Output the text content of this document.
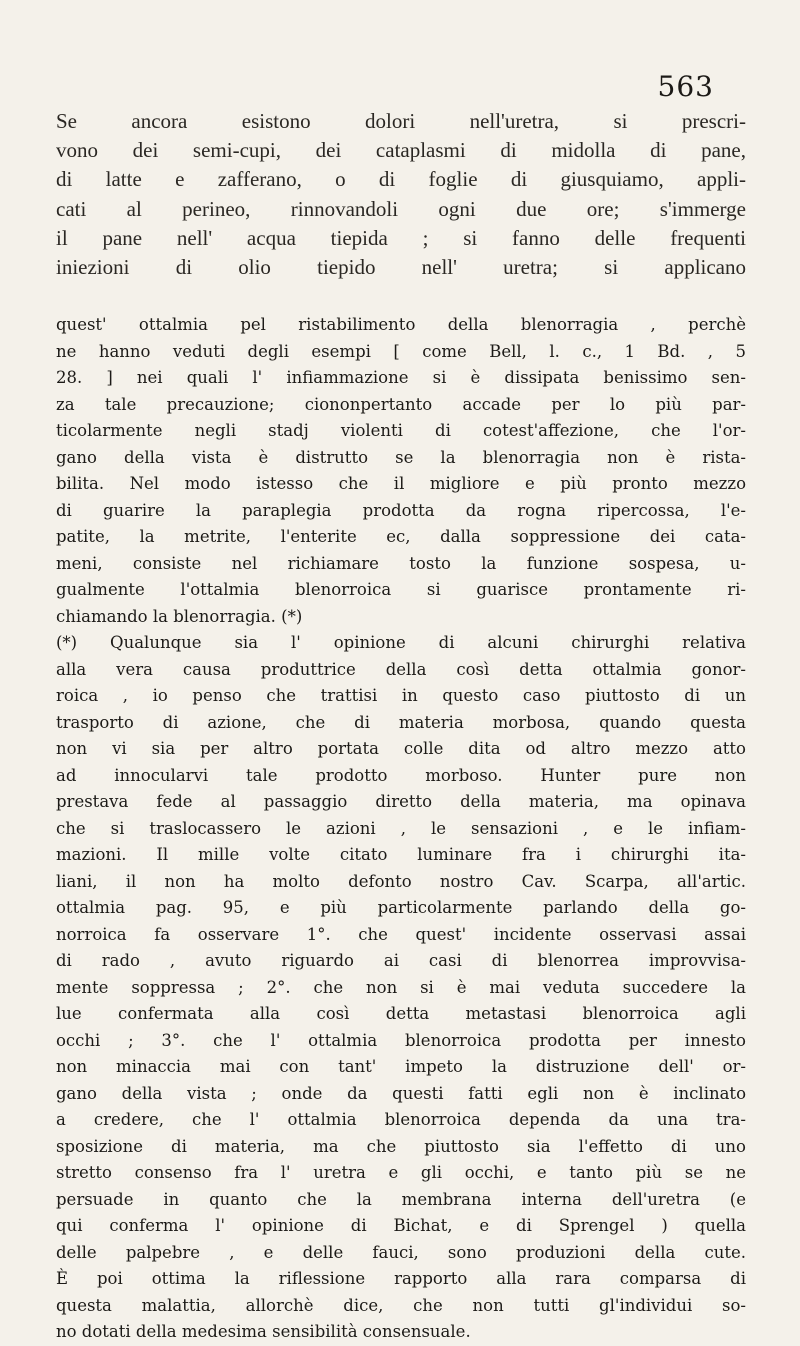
563
Se ancora esistono dolori nell'uretra, si prescri-
vono dei semi-cupi, dei cataplasmi di midolla di pane,
di latte e zafferano, o di foglie di giusquiamo, appli-
cati al perineo, rinnovandoli ogni due ore; s'immerge
il pane nell' acqua tiepida ; si fanno delle frequenti
iniezioni di olio tiepido nell' uretra; si applicano
quest' ottalmia pel ristabilimento della blenorragia , perchè
ne hanno veduti degli esempi [ come Bell, l. c., 1 Bd. , 5
28. ] nei quali l' infiammazione si è dissipata benissimo sen-
za tale precauzione; ciononpertanto accade per lo più par-
ticolarmente negli stadj violenti di cotest'affezione, che l'or-
gano della vista è distrutto se la blenorragia non è rista-
bilita. Nel modo istesso che il migliore e più pronto mezzo
di guarire la paraplegia prodotta da rogna ripercossa, l'e-
patite, la metrite, l'enterite ec, dalla soppressione dei cata-
meni, consiste nel richiamare tosto la funzione sospesa, u-
gualmente l'ottalmia blenorroica si guarisce prontamente ri-
chiamando la blenorragia. (*)
(*) Qualunque sia l' opinione di alcuni chirurghi relativa
alla vera causa produttrice della così detta ottalmia gonor-
roica , io penso che trattisi in questo caso piuttosto di un
trasporto di azione, che di materia morbosa, quando questa
non vi sia per altro portata colle dita od altro mezzo atto
ad innocularvi tale prodotto morboso. Hunter pure non
prestava fede al passaggio diretto della materia, ma opinava
che si traslocassero le azioni , le sensazioni , e le infiam-
mazioni. Il mille volte citato luminare fra i chirurghi ita-
liani, il non ha molto defonto nostro Cav. Scarpa, all'artic.
ottalmia pag. 95, e più particolarmente parlando della go-
norroica fa osservare 1°. che quest' incidente osservasi assai
di rado , avuto riguardo ai casi di blenorrea improvvisa-
mente soppressa ; 2°. che non si è mai veduta succedere la
lue confermata alla così detta metastasi blenorroica agli
occhi ; 3°. che l' ottalmia blenorroica prodotta per innesto
non minaccia mai con tant' impeto la distruzione dell' or-
gano della vista ; onde da questi fatti egli non è inclinato
a credere, che l' ottalmia blenorroica dependa da una tra-
sposizione di materia, ma che piuttosto sia l'effetto di uno
stretto consenso fra l' uretra e gli occhi, e tanto più se ne
persuade in quanto che la membrana interna dell'uretra (e
qui conferma l' opinione di Bichat, e di Sprengel ) quella
delle palpebre , e delle fauci, sono produzioni della cute.
È poi ottima la riflessione rapporto alla rara comparsa di
questa malattia, allorchè dice, che non tutti gl'individui so-
no dotati della medesima sensibilità consensuale.
